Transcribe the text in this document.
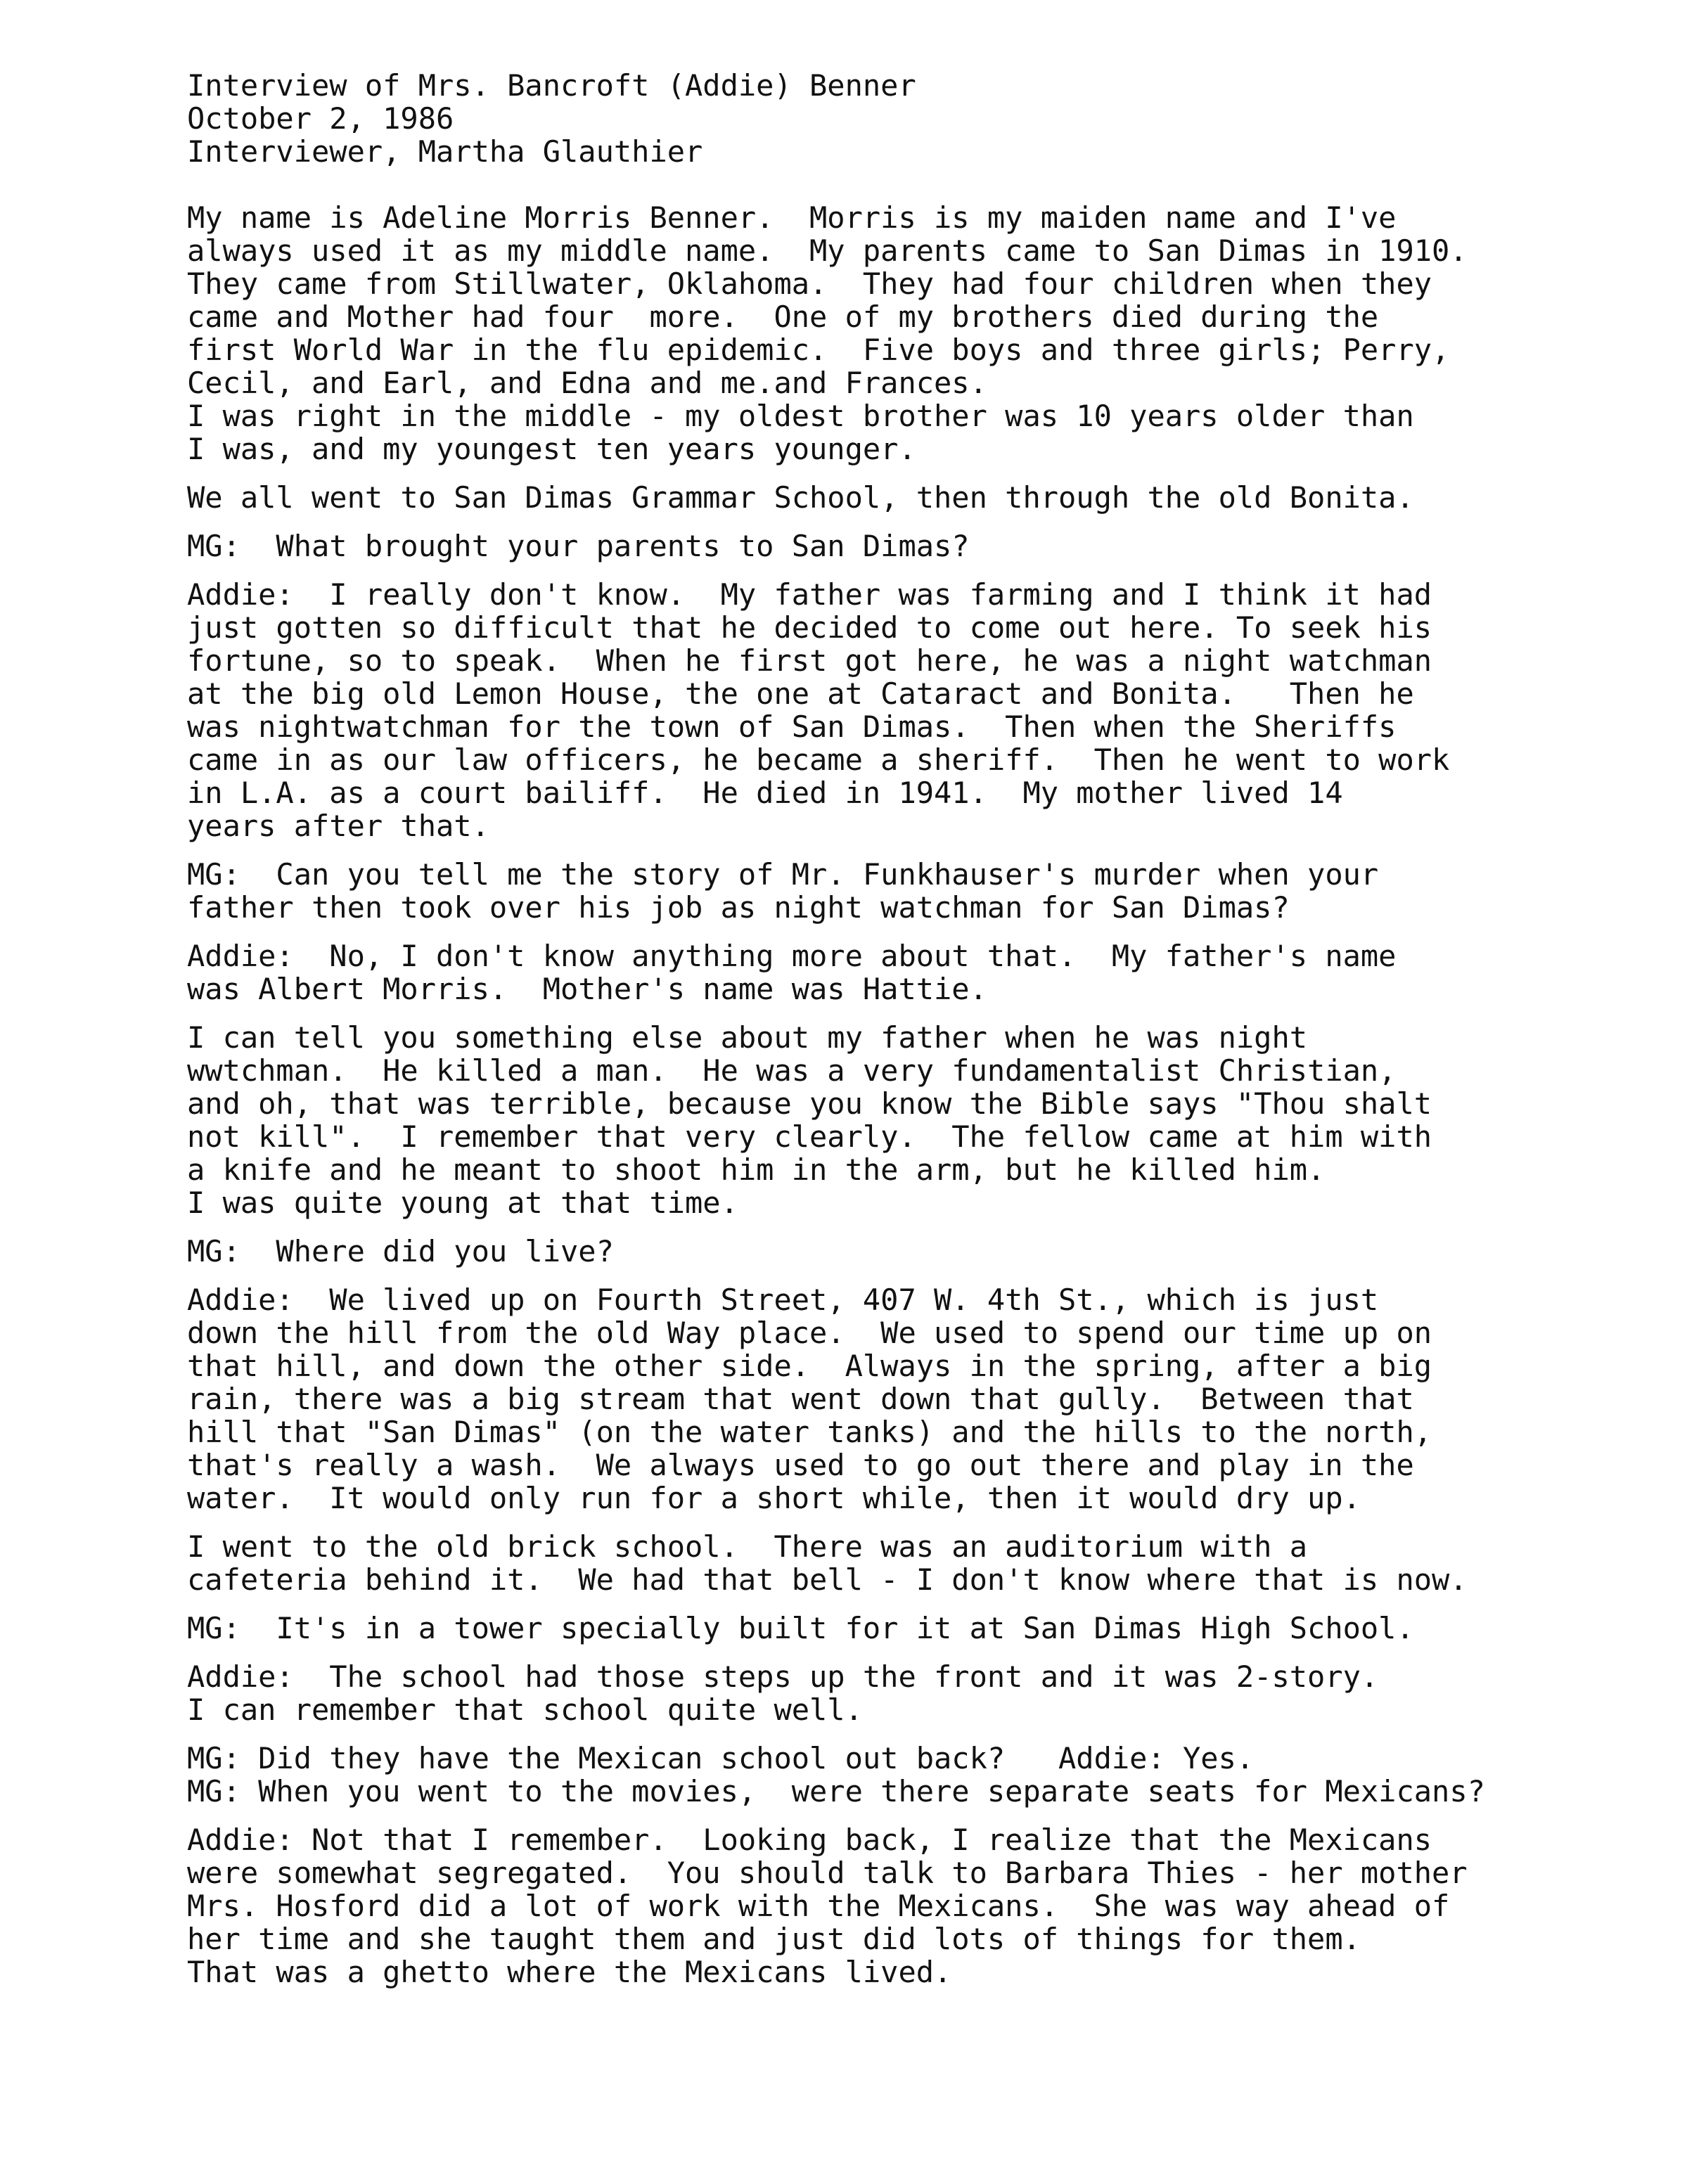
Interview of Mrs. Bancroft (Addie) Benner
October 2, 1986
Interviewer, Martha Glauthier
My name is Adeline Morris Benner.  Morris is my maiden name and I've
always used it as my middle name.  My parents came to San Dimas in 1910.
They came from Stillwater, Oklahoma.  They had four children when they
came and Mother had four  more.  One of my brothers died during the
first World War in the flu epidemic.  Five boys and three girls; Perry,
Cecil, and Earl, and Edna and me.and Frances.
I was right in the middle - my oldest brother was 10 years older than
I was, and my youngest ten years younger.
We all went to San Dimas Grammar School, then through the old Bonita.
MG:  What brought your parents to San Dimas?
Addie:  I really don't know.  My father was farming and I think it had
just gotten so difficult that he decided to come out here. To seek his
fortune, so to speak.  When he first got here, he was a night watchman
at the big old Lemon House, the one at Cataract and Bonita.   Then he
was nightwatchman for the town of San Dimas.  Then when the Sheriffs
came in as our law officers, he became a sheriff.  Then he went to work
in L.A. as a court bailiff.  He died in 1941.  My mother lived 14
years after that.
MG:  Can you tell me the story of Mr. Funkhauser's murder when your
father then took over his job as night watchman for San Dimas?
Addie:  No, I don't know anything more about that.  My father's name
was Albert Morris.  Mother's name was Hattie.
I can tell you something else about my father when he was night
wwtchman.  He killed a man.  He was a very fundamentalist Christian,
and oh, that was terrible, because you know the Bible says "Thou shalt
not kill".  I remember that very clearly.  The fellow came at him with
a knife and he meant to shoot him in the arm, but he killed him.
I was quite young at that time.
MG:  Where did you live?
Addie:  We lived up on Fourth Street, 407 W. 4th St., which is just
down the hill from the old Way place.  We used to spend our time up on
that hill, and down the other side.  Always in the spring, after a big
rain, there was a big stream that went down that gully.  Between that
hill that "San Dimas" (on the water tanks) and the hills to the north,
that's really a wash.  We always used to go out there and play in the
water.  It would only run for a short while, then it would dry up.
I went to the old brick school.  There was an auditorium with a
cafeteria behind it.  We had that bell - I don't know where that is now.
MG:  It's in a tower specially built for it at San Dimas High School.
Addie:  The school had those steps up the front and it was 2-story.
I can remember that school quite well.
MG: Did they have the Mexican school out back?   Addie: Yes.
MG: When you went to the movies,  were there separate seats for Mexicans?
Addie: Not that I remember.  Looking back, I realize that the Mexicans
were somewhat segregated.  You should talk to Barbara Thies - her mother
Mrs. Hosford did a lot of work with the Mexicans.  She was way ahead of
her time and she taught them and just did lots of things for them.
That was a ghetto where the Mexicans lived.
